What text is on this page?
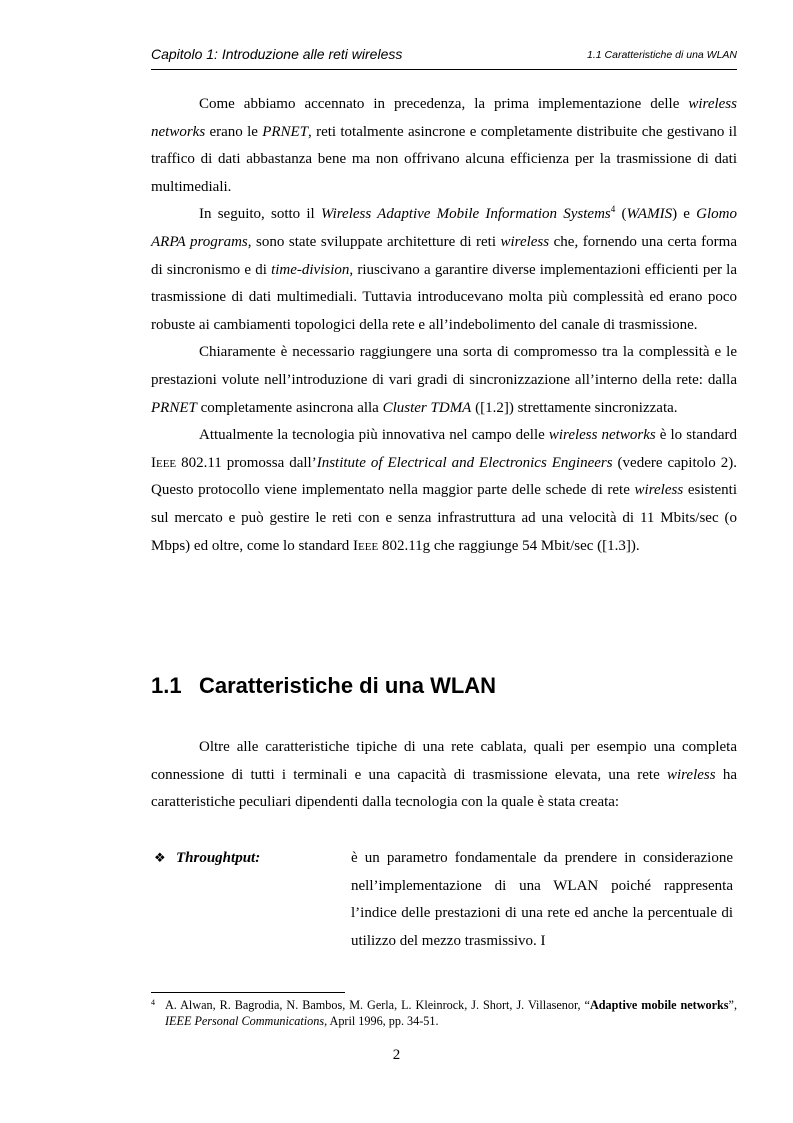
Capitolo 1: Introduzione alle reti wireless	1.1 Caratteristiche di una WLAN

Come abbiamo accennato in precedenza, la prima implementazione delle wireless networks erano le PRNET, reti totalmente asincrone e completamente distribuite che gestivano il traffico di dati abbastanza bene ma non offrivano alcuna efficienza per la trasmissione di dati multimediali.

In seguito, sotto il Wireless Adaptive Mobile Information Systems$^4$ (WAMIS) e Glomo ARPA programs, sono state sviluppate architetture di reti wireless che, fornendo una certa forma di sincronismo e di time-division, riuscivano a garantire diverse implementazioni efficienti per la trasmissione di dati multimediali. Tuttavia introducevano molta più complessità ed erano poco robuste ai cambiamenti topologici della rete e all’indebolimento del canale di trasmissione.

Chiaramente è necessario raggiungere una sorta di compromesso tra la complessità e le prestazioni volute nell’introduzione di vari gradi di sincronizzazione all’interno della rete: dalla PRNET completamente asincrona alla Cluster TDMA ([1.2]) strettamente sincronizzata.

Attualmente la tecnologia più innovativa nel campo delle wireless networks è lo standard Ieee 802.11 promossa dall’Institute of Electrical and Electronics Engineers (vedere capitolo 2). Questo protocollo viene implementato nella maggior parte delle schede di rete wireless esistenti sul mercato e può gestire le reti con e senza infrastruttura ad una velocità di 11 Mbits/sec (o Mbps) ed oltre, come lo standard Ieee 802.11g che raggiunge 54 Mbit/sec ([1.3]).

1.1 Caratteristiche di una WLAN

Oltre alle caratteristiche tipiche di una rete cablata, quali per esempio una completa connessione di tutti i terminali e una capacità di trasmissione elevata, una rete wireless ha caratteristiche peculiari dipendenti dalla tecnologia con la quale è stata creata:

❖ Throughtput:	è un parametro fondamentale da prendere in considerazione nell’implementazione di una WLAN poiché rappresenta l’indice delle prestazioni di una rete ed anche la percentuale di utilizzo del mezzo trasmissivo. I

4 A. Alwan, R. Bagrodia, N. Bambos, M. Gerla, L. Kleinrock, J. Short, J. Villasenor, “Adaptive mobile networks”, IEEE Personal Communications, April 1996, pp. 34-51.

2
